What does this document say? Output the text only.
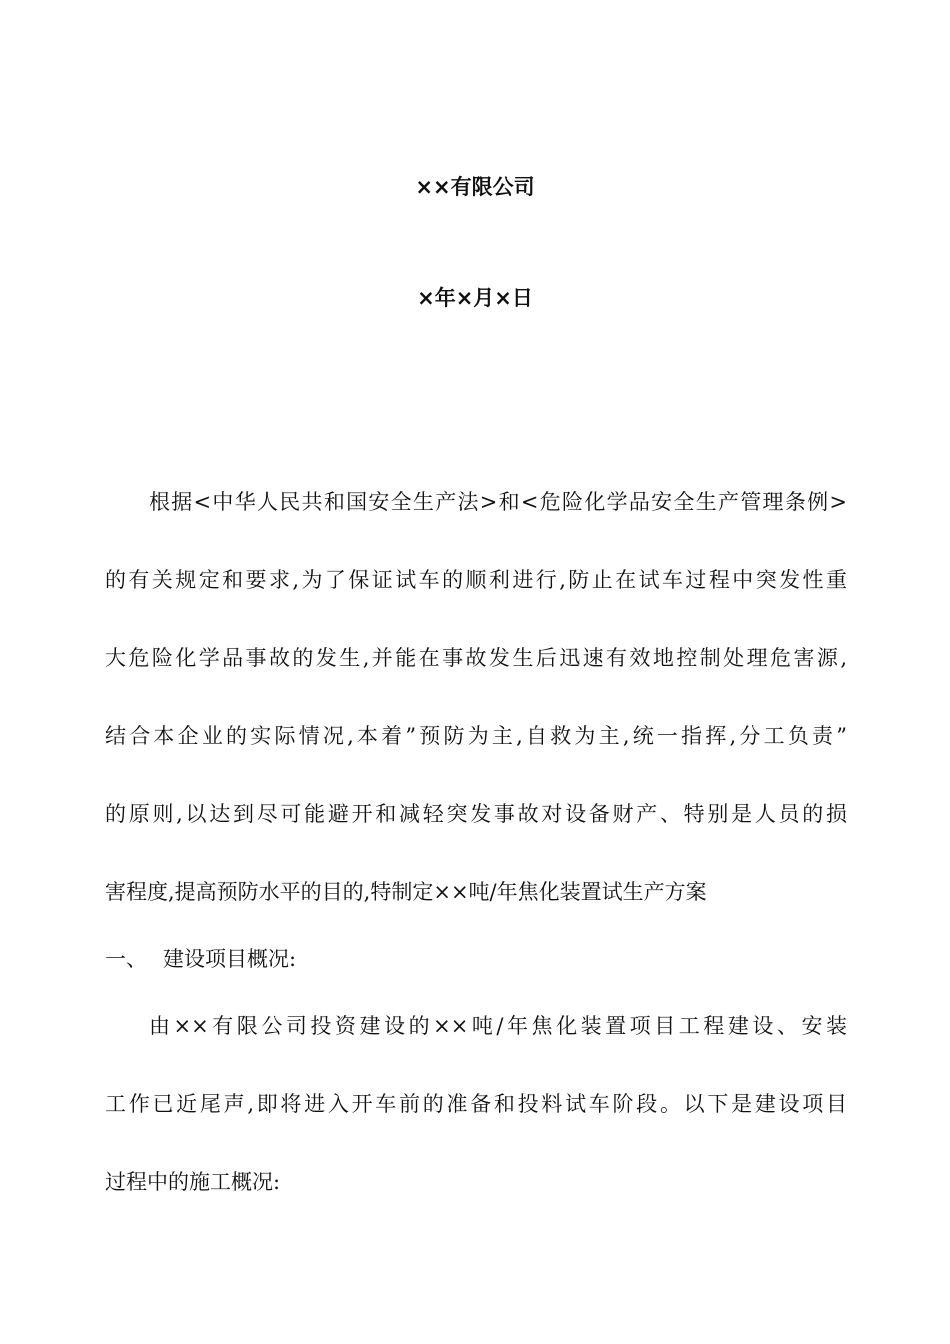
××有限公司
×年×月×日
根据<中华人民共和国安全生产法>和<危险化学品安全生产管理条例>
的有关规定和要求,为了保证试车的顺利进行,防止在试车过程中突发性重
大危险化学品事故的发生,并能在事故发生后迅速有效地控制处理危害源,
结合本企业的实际情况,本着”预防为主,自救为主,统一指挥,分工负责”
的原则,以达到尽可能避开和减轻突发事故对设备财产、特别是人员的损
害程度,提高预防水平的目的,特制定××吨/年焦化装置试生产方案
一、 建设项目概况:
由××有限公司投资建设的××吨/年焦化装置项目工程建设、安装
工作已近尾声,即将进入开车前的准备和投料试车阶段。以下是建设项目
过程中的施工概况:
